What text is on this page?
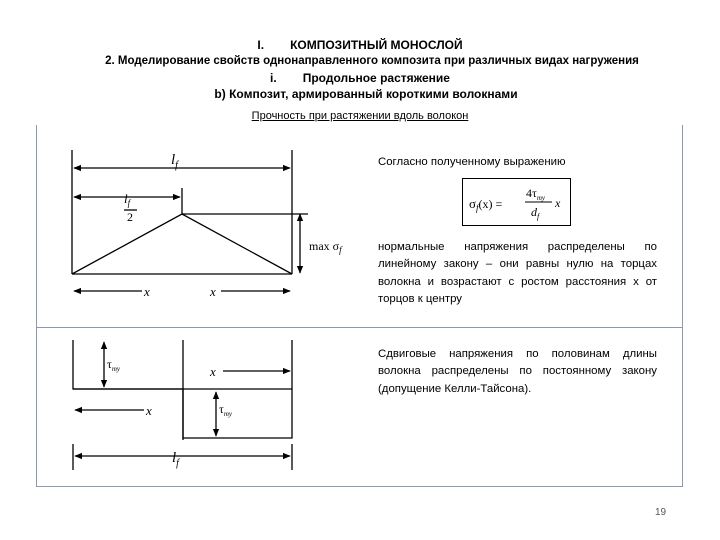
I. КОМПОЗИТНЫЙ МОНОСЛОЙ
2. Моделирование свойств однонаправленного композита при различных видах нагружения
i. Продольное растяжение
b) Композит, армированный короткими волокнами
Прочность при растяжении вдоль волокон
$l_f$
$l_f$
2
$\max \sigma_f$
x	x
$\tau_{my}$	x
x	$\tau_{my}$
$l_f$
Согласно полученному выражению
$\sigma_f(x)$ =
$4\tau_{my}$
$d_f$
x
нормальные напряжения распределены по линейному закону – они равны нулю на торцах волокна и возрастают с ростом расстояния x от торцов к центру
Сдвиговые напряжения по половинам длины волокна распределены по постоянному закону (допущение Келли-Тайсона).
19
